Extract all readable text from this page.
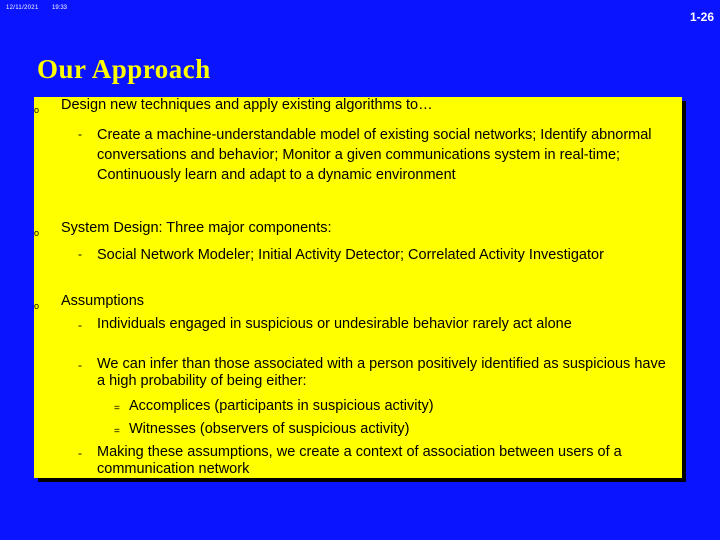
12/11/2021 19:33
1-26
Our Approach
o Design new techniques and apply existing algorithms to…
- Create a machine-understandable model of existing social networks; Identify abnormal conversations and behavior; Monitor a given communications system in real-time; Continuously learn and adapt to a dynamic environment
o System Design: Three major components:
- Social Network Modeler; Initial Activity Detector; Correlated Activity Investigator
o Assumptions
- Individuals engaged in suspicious or undesirable behavior rarely act alone
- We can infer than those associated with a person positively identified as suspicious have a high probability of being either:
= Accomplices (participants in suspicious activity)
= Witnesses (observers of suspicious activity)
- Making these assumptions, we create a context of association between users of a communication network
